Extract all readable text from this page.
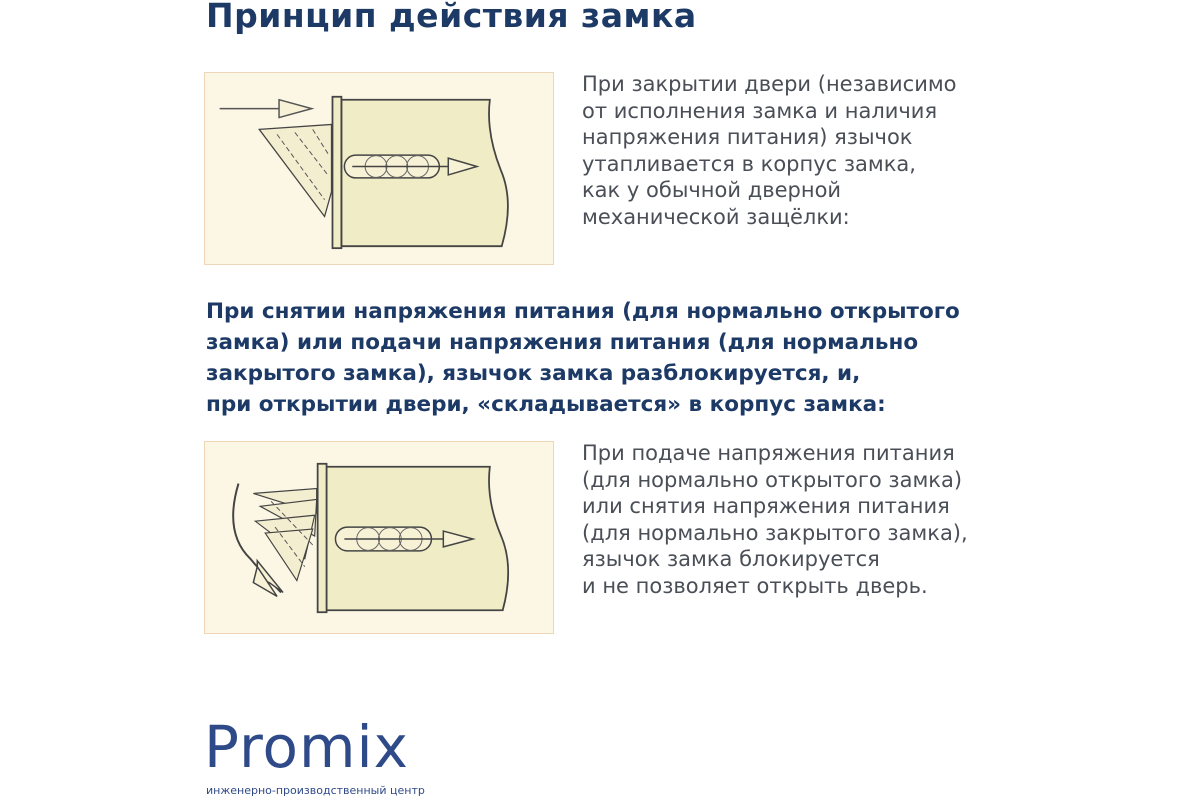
Принцип действия замка

При закрытии двери (независимо
от исполнения замка и наличия
напряжения питания) язычок
утапливается в корпус замка,
как у обычной дверной
механической защёлки:

При снятии напряжения питания (для нормально открытого
замка) или подачи напряжения питания (для нормально
закрытого замка), язычок замка разблокируется, и,
при открытии двери, «складывается» в корпус замка:

При подаче напряжения питания
(для нормально открытого замка)
или снятия напряжения питания
(для нормально закрытого замка),
язычок замка блокируется
и не позволяет открыть дверь.

Promix
инженерно-производственный центр
